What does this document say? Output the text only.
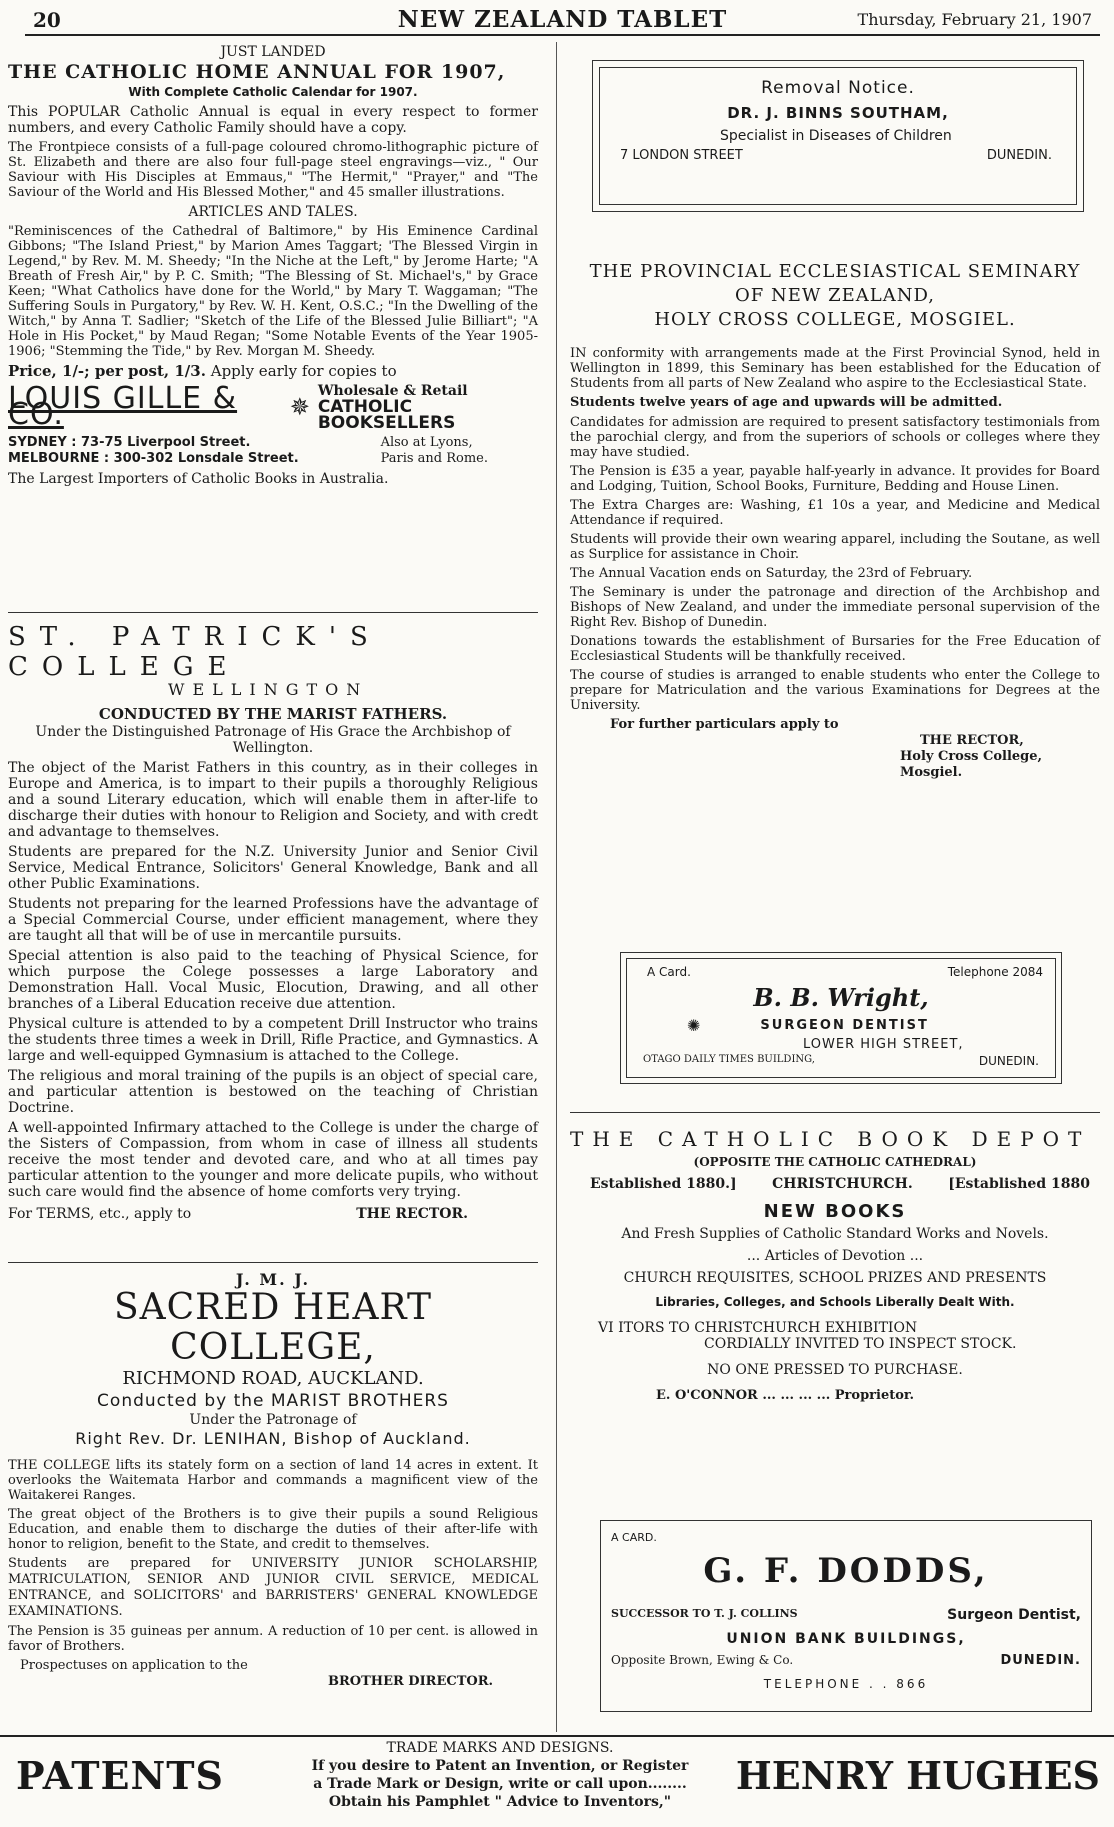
20	NEW ZEALAND TABLET	Thursday, February 21, 1907
JUST LANDED
THE CATHOLIC HOME ANNUAL FOR 1907,
With Complete Catholic Calendar for 1907.

This POPULAR Catholic Annual is equal in every respect to former numbers, and every Catholic Family should have a copy.

The Frontpiece consists of a full-page coloured chromo-lithographic picture of St. Elizabeth and there are also four full-page steel engravings—viz., " Our Saviour with His Disciples at Emmaus," "The Hermit," "Prayer," and "The Saviour of the World and His Blessed Mother," and 45 smaller illustrations.

ARTICLES AND TALES.

"Reminiscences of the Cathedral of Baltimore," by His Eminence Cardinal Gibbons; "The Island Priest," by Marion Ames Taggart; 'The Blessed Virgin in Legend," by Rev. M. M. Sheedy; "In the Niche at the Left," by Jerome Harte; "A Breath of Fresh Air," by P. C. Smith; "The Blessing of St. Michael's," by Grace Keen; "What Catholics have done for the World," by Mary T. Waggaman; "The Suffering Souls in Purgatory," by Rev. W. H. Kent, O.S.C.; "In the Dwelling of the Witch," by Anna T. Sadlier; "Sketch of the Life of the Blessed Julie Billiart"; "A Hole in His Pocket," by Maud Regan; "Some Notable Events of the Year 1905-1906; "Stemming the Tide," by Rev. Morgan M. Sheedy.

Price, 1/-; per post, 1/3. Apply early for copies to
LOUIS GILLE & CO.	✵
Wholesale & Retail
CATHOLIC BOOKSELLERS
SYDNEY : 73-75 Liverpool Street.
MELBOURNE : 300-302 Lonsdale Street.
Also at Lyons,
Paris and Rome.
The Largest Importers of Catholic Books in Australia.
ST. PATRICK'S COLLEGE
WELLINGTON
CONDUCTED BY THE MARIST FATHERS.
Under the Distinguished Patronage of His Grace the Archbishop of Wellington.

The object of the Marist Fathers in this country, as in their colleges in Europe and America, is to impart to their pupils a thoroughly Religious and a sound Literary education, which will enable them in after-life to discharge their duties with honour to Religion and Society, and with credt and advantage to themselves.

Students are prepared for the N.Z. University Junior and Senior Civil Service, Medical Entrance, Solicitors' General Knowledge, Bank and all other Public Examinations.

Students not preparing for the learned Professions have the advantage of a Special Commercial Course, under efficient management, where they are taught all that will be of use in mercantile pursuits.

Special attention is also paid to the teaching of Physical Science, for which purpose the Colege possesses a large Laboratory and Demonstration Hall. Vocal Music, Elocution, Drawing, and all other branches of a Liberal Education receive due attention.

Physical culture is attended to by a competent Drill Instructor who trains the students three times a week in Drill, Rifle Practice, and Gymnastics. A large and well-equipped Gymnasium is attached to the College.

The religious and moral training of the pupils is an object of special care, and particular attention is bestowed on the teaching of Christian Doctrine.

A well-appointed Infirmary attached to the College is under the charge of the Sisters of Compassion, from whom in case of illness all students receive the most tender and devoted care, and who at all times pay particular attention to the younger and more delicate pupils, who without such care would find the absence of home comforts very trying.

For TERMS, etc., apply to	THE RECTOR.
J. M. J.
SACRED HEART COLLEGE,
RICHMOND ROAD, AUCKLAND.
Conducted by the MARIST BROTHERS
Under the Patronage of
Right Rev. Dr. LENIHAN, Bishop of Auckland.

THE COLLEGE lifts its stately form on a section of land 14 acres in extent. It overlooks the Waitemata Harbor and commands a magnificent view of the Waitakerei Ranges.

The great object of the Brothers is to give their pupils a sound Religious Education, and enable them to discharge the duties of their after-life with honor to religion, benefit to the State, and credit to themselves.

Students are prepared for UNIVERSITY JUNIOR SCHOLARSHIP, MATRICULATION, SENIOR AND JUNIOR CIVIL SERVICE, MEDICAL ENTRANCE, and SOLICITORS' and BARRISTERS' GENERAL KNOWLEDGE EXAMINATIONS.

The Pension is 35 guineas per annum. A reduction of 10 per cent. is allowed in favor of Brothers.

Prospectuses on application to the
BROTHER DIRECTOR.
Removal Notice.
DR. J. BINNS SOUTHAM,
Specialist in Diseases of Children
7 LONDON STREET	DUNEDIN.
THE PROVINCIAL ECCLESIASTICAL SEMINARY
OF NEW ZEALAND,
HOLY CROSS COLLEGE, MOSGIEL.

IN conformity with arrangements made at the First Provincial Synod, held in Wellington in 1899, this Seminary has been established for the Education of Students from all parts of New Zealand who aspire to the Ecclesiastical State.

Students twelve years of age and upwards will be admitted.

Candidates for admission are required to present satisfactory testimonials from the parochial clergy, and from the superiors of schools or colleges where they may have studied.

The Pension is £35 a year, payable half-yearly in advance. It provides for Board and Lodging, Tuition, School Books, Furniture, Bedding and House Linen.

The Extra Charges are: Washing, £1 10s a year, and Medicine and Medical Attendance if required.

Students will provide their own wearing apparel, including the Soutane, as well as Surplice for assistance in Choir.

The Annual Vacation ends on Saturday, the 23rd of February.

The Seminary is under the patronage and direction of the Archbishop and Bishops of New Zealand, and under the immediate personal supervision of the Right Rev. Bishop of Dunedin.

Donations towards the establishment of Bursaries for the Free Education of Ecclesiastical Students will be thankfully received.

The course of studies is arranged to enable students who enter the College to prepare for Matriculation and the various Examinations for Degrees at the University.

For further particulars apply to
THE RECTOR,
Holy Cross College, Mosgiel.
A Card.	Telephone 2084
B. B. Wright,
✺	SURGEON DENTIST
LOWER HIGH STREET,
OTAGO DAILY TIMES BUILDING,	DUNEDIN.
THE CATHOLIC BOOK DEPOT
(OPPOSITE THE CATHOLIC CATHEDRAL)
Established 1880.]	CHRISTCHURCH.	[Established 1880
NEW BOOKS
And Fresh Supplies of Catholic Standard Works and Novels.
... Articles of Devotion ...
CHURCH REQUISITES, SCHOOL PRIZES AND PRESENTS
Libraries, Colleges, and Schools Liberally Dealt With.
VI ITORS TO CHRISTCHURCH EXHIBITION
CORDIALLY INVITED TO INSPECT STOCK.
NO ONE PRESSED TO PURCHASE.
E. O'CONNOR ... ... ... ... Proprietor.
A CARD.
G. F. DODDS,
SUCCESSOR TO T. J. COLLINS	Surgeon Dentist,
UNION BANK BUILDINGS,
Opposite Brown, Ewing & Co.	DUNEDIN.
TELEPHONE . . 866
PATENTS
TRADE MARKS AND DESIGNS.
If you desire to Patent an Invention, or Register
a Trade Mark or Design, write or call upon........
Obtain his Pamphlet " Advice to Inventors,"
HENRY HUGHES
